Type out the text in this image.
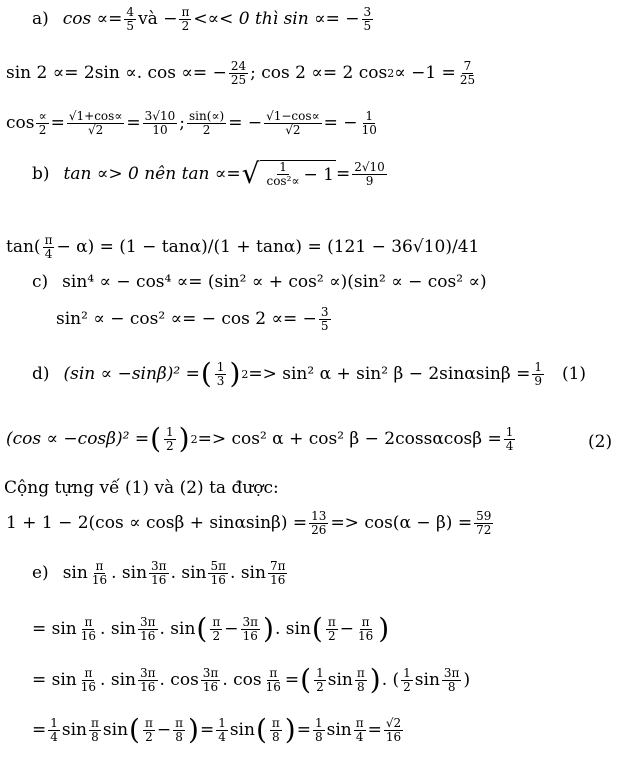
a) $\cos \propto= \frac{4}{5}$ và − $\frac{\pi}{2}$ <∝< 0 thì sin ∝= − $\frac{3}{5}$
sin 2 ∝= 2sin ∝. cos ∝= − $\frac{24}{25}$ ; cos 2 ∝= 2 $\cos 2 \propto -1 = \frac{7}{25}$
$\cos \frac{\propto}{2} = \frac{√1+\cos\propto}{√2} = \frac{3√10}{10}$ ; $\frac{\sin(\propto)}{2}$ = − $\frac{√1-\cos\propto}{√2}$ = − $\frac{1}{10}$
b) tan ∝> 0 nên tan ∝= √ $\frac{1}{\text{cos²∝}} - 1 = \frac{2√10}{9}$
$\tan( \frac{\pi}{4} - \alpha) = (1 - \tan\alpha)/(1 + \tan\alpha) = (121 - 36√10)/41$
c) sin⁴ ∝ − cos⁴ ∝= (sin² ∝ + cos² ∝)(sin² ∝ − cos² ∝)
sin² ∝ − cos² ∝= − cos 2 ∝= − $\frac{3}{5}$
d) (sin ∝ −sinβ)² = ( $\frac{1}{3}$ ) 2 => sin² α + sin² $\beta - 2\sin\alpha\sin\beta = \frac{1}{9} (1)$
(cos ∝ −cosβ)² = ( $\frac{1}{2}$ ) 2 => cos² α + cos² $\beta - 2\cos s\alpha\cos\beta = \frac{1}{4}$	(2)
Cộng tựng vế (1) và (2) ta được:
$1 + 1 - 2(\cos \propto \cos\beta + \sin\alpha\sin\beta) = \frac{13}{26} => \cos(\alpha - \beta) = \frac{59}{72}$
e) $\sin \frac{\pi}{16}$ . $\sin \frac{3\pi}{16}$ . $\sin \frac{5\pi}{16}$ . $\sin \frac{7\pi}{16}$
= $\sin \frac{\pi}{16}$ . $\sin \frac{3\pi}{16}$ . sin ( $\frac{\pi}{2} - \frac{3\pi}{16}$ ) . sin ( $\frac{\pi}{2} - \frac{\pi}{16}$ )
= $\sin \frac{\pi}{16}$ . $\sin \frac{3\pi}{16}$ . $\cos \frac{3\pi}{16}$ . $\cos \frac{\pi}{16}$ = ( $\frac{1}{2}$ $\sin \frac{\pi}{8}$ ) . ( $\frac{1}{2}$ $\sin \frac{3\pi}{8}$ )
= $\frac{1}{4}$ $\sin \frac{\pi}{8}$ sin ( $\frac{\pi}{2} - \frac{\pi}{8}$ ) = $\frac{1}{4}$ sin ( $\frac{\pi}{8}$ ) = $\frac{1}{8}$ $\sin \frac{\pi}{4} = \frac{√2}{16}$
